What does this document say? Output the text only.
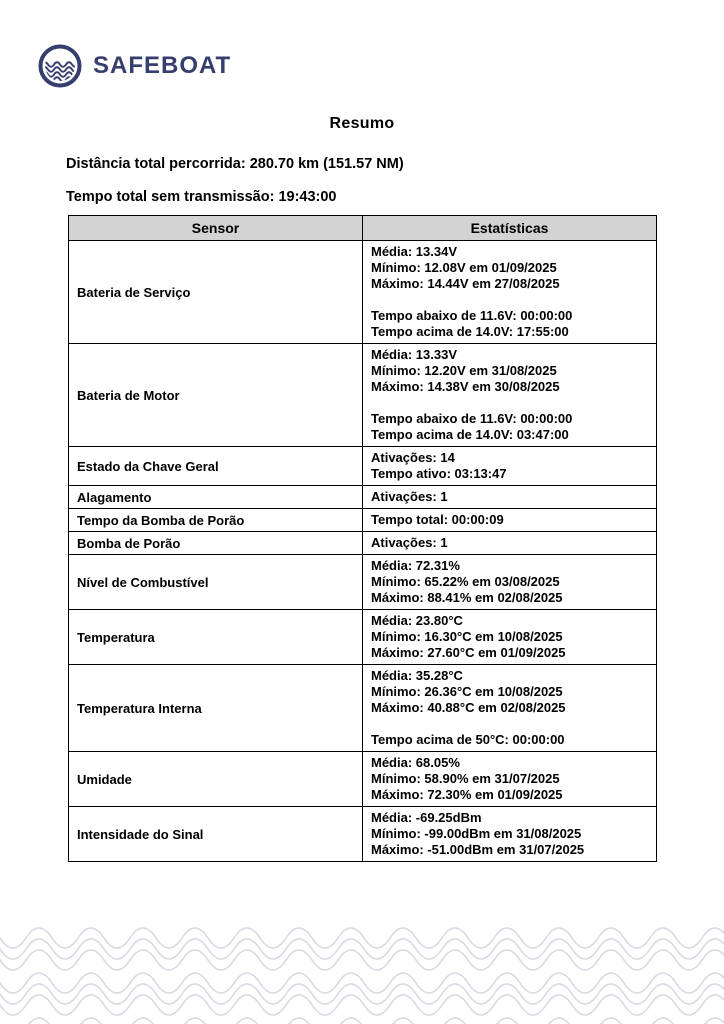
SAFEBOAT
Resumo
Distância total percorrida: 280.70 km (151.57 NM)
Tempo total sem transmissão: 19:43:00
Sensor	Estatísticas
Bateria de Serviço	Média: 13.34V
Mínimo: 12.08V em 01/09/2025
Máximo: 14.44V em 27/08/2025
Tempo abaixo de 11.6V: 00:00:00
Tempo acima de 14.0V: 17:55:00

Bateria de Motor	Média: 13.33V
Mínimo: 12.20V em 31/08/2025
Máximo: 14.38V em 30/08/2025
Tempo abaixo de 11.6V: 00:00:00
Tempo acima de 14.0V: 03:47:00

Estado da Chave Geral	Ativações: 14
Tempo ativo: 03:13:47

Alagamento	Ativações: 1

Tempo da Bomba de Porão	Tempo total: 00:00:09

Bomba de Porão	Ativações: 1

Nível de Combustível	Média: 72.31%
Mínimo: 65.22% em 03/08/2025
Máximo: 88.41% em 02/08/2025

Temperatura	Média: 23.80°C
Mínimo: 16.30°C em 10/08/2025
Máximo: 27.60°C em 01/09/2025

Temperatura Interna	Média: 35.28°C
Mínimo: 26.36°C em 10/08/2025
Máximo: 40.88°C em 02/08/2025
Tempo acima de 50°C: 00:00:00

Umidade	Média: 68.05%
Mínimo: 58.90% em 31/07/2025
Máximo: 72.30% em 01/09/2025

Intensidade do Sinal	Média: -69.25dBm
Mínimo: -99.00dBm em 31/08/2025
Máximo: -51.00dBm em 31/07/2025
